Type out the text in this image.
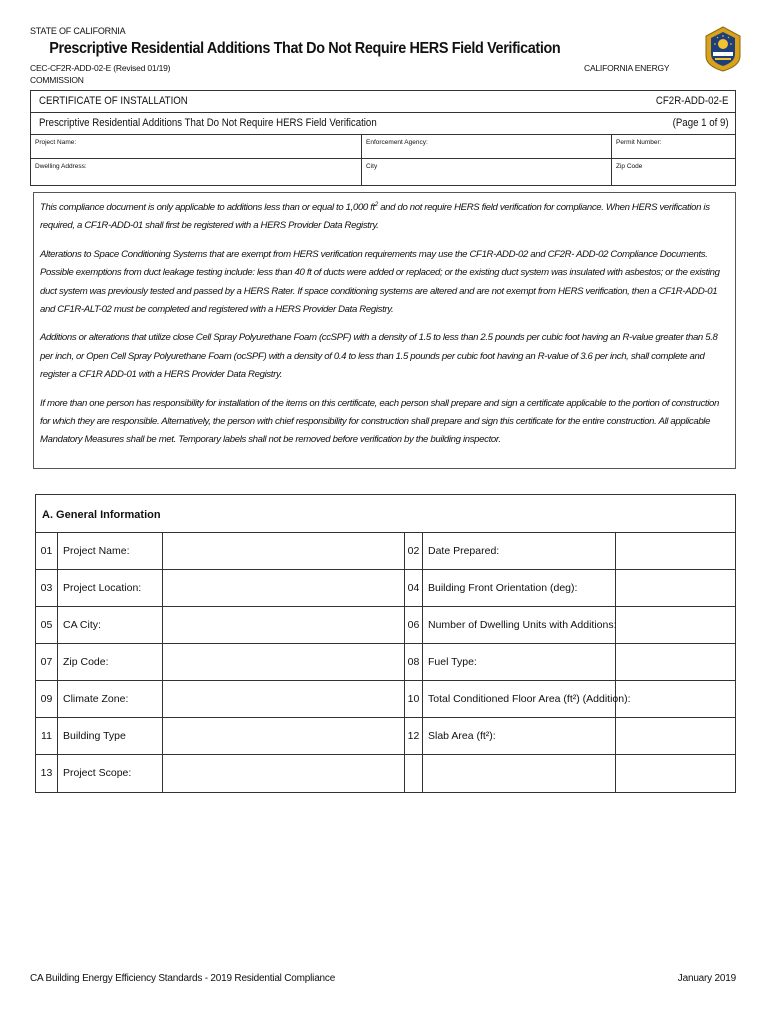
STATE OF CALIFORNIA
Prescriptive Residential Additions That Do Not Require HERS Field Verification
CEC-CF2R-ADD-02-E (Revised 01/19)
COMMISSION
CALIFORNIA ENERGY
CERTIFICATE OF INSTALLATION	CF2R-ADD-02-E
Prescriptive Residential Additions That Do Not Require HERS Field Verification	(Page 1 of 9)
Project Name:	Enforcement Agency:	Permit Number:
Dwelling Address:	City	Zip Code

This compliance document is only applicable to additions less than or equal to 1,000 $ft^2$ and do not require HERS field verification for compliance. When HERS verification is required, a CF1R-ADD-01 shall first be registered with a HERS Provider Data Registry.

Alterations to Space Conditioning Systems that are exempt from HERS verification requirements may use the CF1R-ADD-02 and CF2R- ADD-02 Compliance Documents. Possible exemptions from duct leakage testing include: less than 40 ft of ducts were added or replaced; or the existing duct system was insulated with asbestos; or the existing duct system was previously tested and passed by a HERS Rater. If space conditioning systems are altered and are not exempt from HERS verification, then a CF1R-ADD-01 and CF1R-ALT-02 must be completed and registered with a HERS Provider Data Registry.

Additions or alterations that utilize close Cell Spray Polyurethane Foam (ccSPF) with a density of 1.5 to less than 2.5 pounds per cubic foot having an R-value greater than 5.8 per inch, or Open Cell Spray Polyurethane Foam (ocSPF) with a density of 0.4 to less than 1.5 pounds per cubic foot having an R-value of 3.6 per inch, shall complete and register a CF1R ADD-01 with a HERS Provider Data Registry.

If more than one person has responsibility for installation of the items on this certificate, each person shall prepare and sign a certificate applicable to the portion of construction for which they are responsible. Alternatively, the person with chief responsibility for construction shall prepare and sign this certificate for the entire construction. All applicable Mandatory Measures shall be met. Temporary labels shall not be removed before verification by the building inspector.

A. General Information
01	Project Name:	02 Date Prepared:
03	Project Location:	04 Building Front Orientation (deg):
05	CA City:	06 Number of Dwelling Units with Additions:
07	Zip Code:	08 Fuel Type:
09	Climate Zone:	10 Total Conditioned Floor Area (ft²) (Addition):
11	Building Type	12 Slab Area (ft²):
13	Project Scope:
CA Building Energy Efficiency Standards - 2019 Residential Compliance	January 2019
